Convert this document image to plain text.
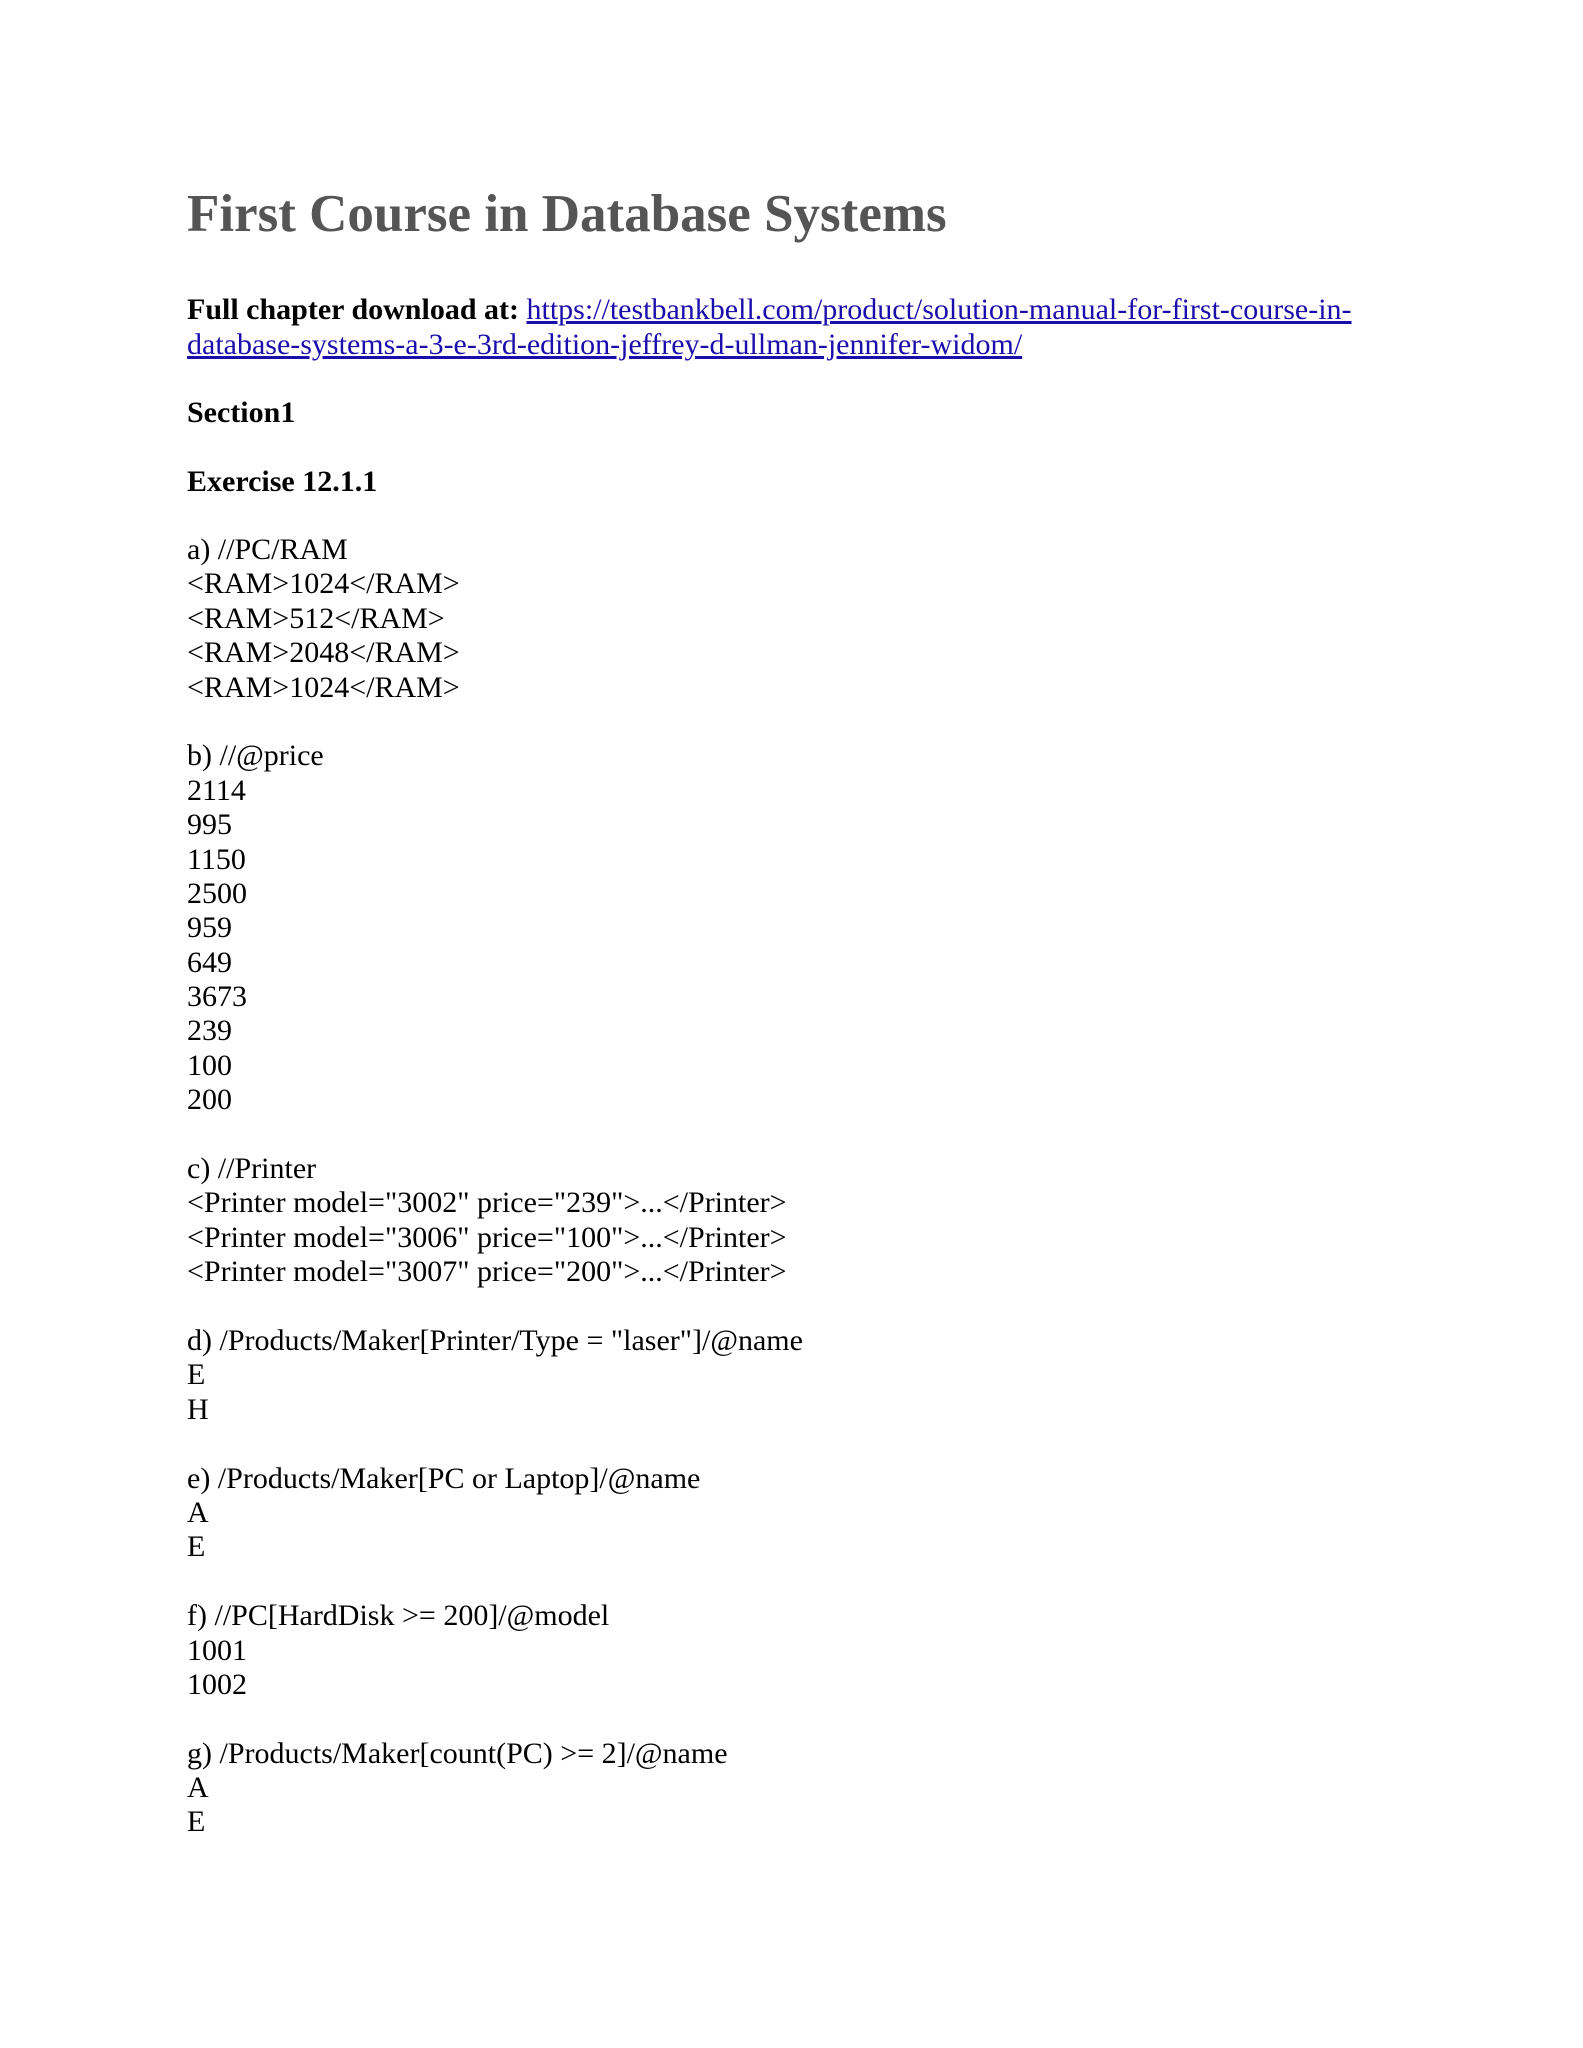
First Course in Database Systems
Full chapter download at: https://testbankbell.com/product/solution-manual-for-first-course-in-
database-systems-a-3-e-3rd-edition-jeffrey-d-ullman-jennifer-widom/
Section1
Exercise 12.1.1
a) //PC/RAM
<RAM>1024</RAM>
<RAM>512</RAM>
<RAM>2048</RAM>
<RAM>1024</RAM>
b) //@price
2114
995
1150
2500
959
649
3673
239
100
200
c) //Printer
<Printer model="3002" price="239">...</Printer>
<Printer model="3006" price="100">...</Printer>
<Printer model="3007" price="200">...</Printer>
d) /Products/Maker[Printer/Type = "laser"]/@name
E
H
e) /Products/Maker[PC or Laptop]/@name
A
E
f) //PC[HardDisk >= 200]/@model
1001
1002
g) /Products/Maker[count(PC) >= 2]/@name
A
E
